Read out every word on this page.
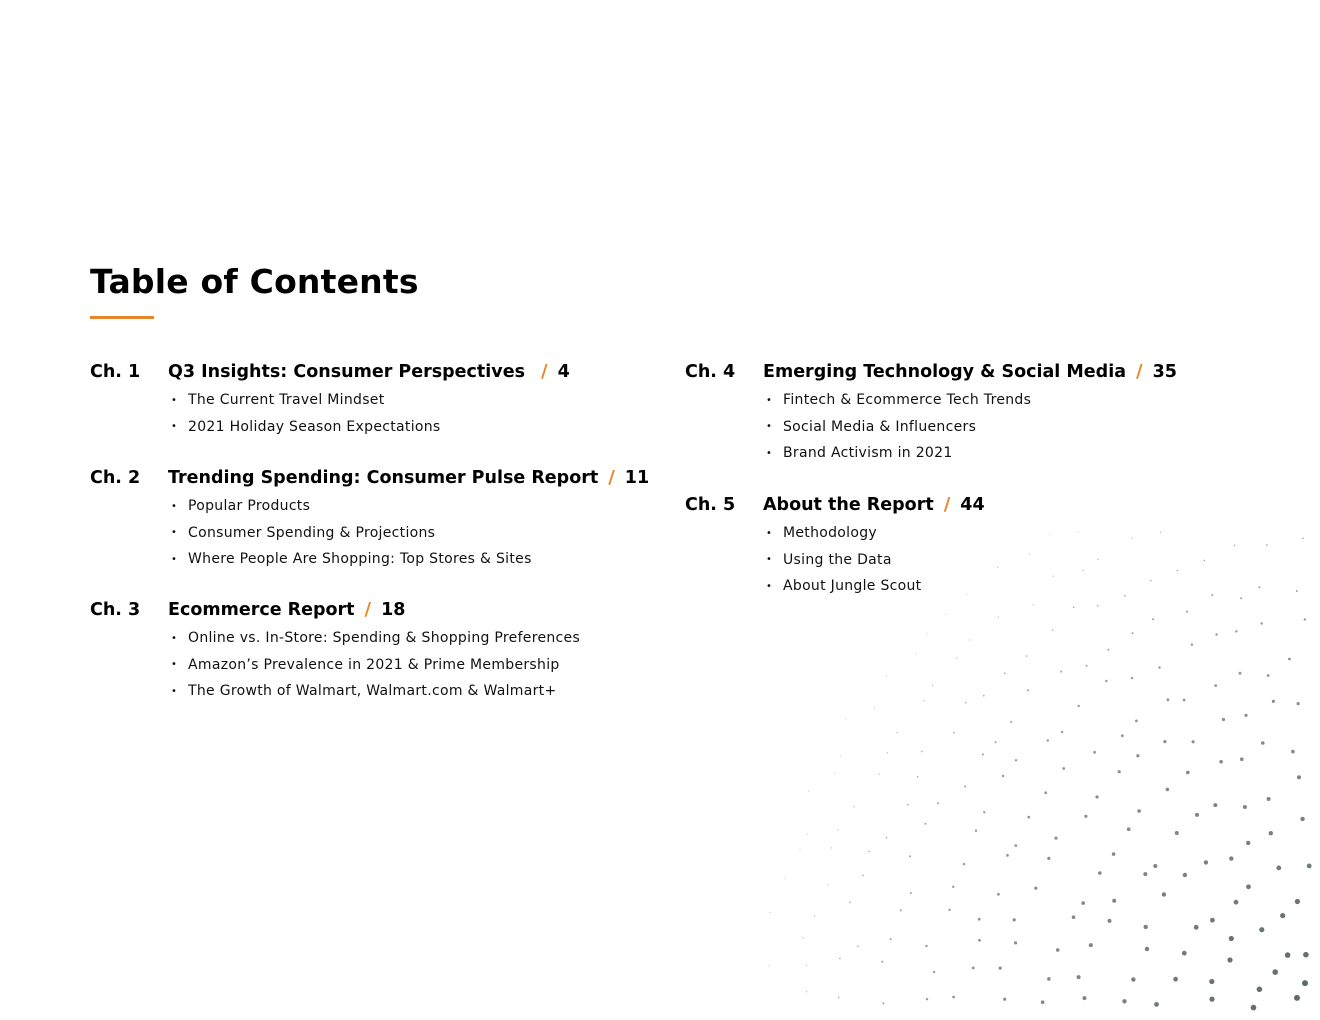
Table of Contents
Ch. 1	Q3 Insights: Consumer Perspectives / 4
• The Current Travel Mindset
• 2021 Holiday Season Expectations
Ch. 2	Trending Spending: Consumer Pulse Report / 11
• Popular Products
• Consumer Spending & Projections
• Where People Are Shopping: Top Stores & Sites
Ch. 3	Ecommerce Report / 18
• Online vs. In-Store: Spending & Shopping Preferences
• Amazon’s Prevalence in 2021 & Prime Membership
• The Growth of Walmart, Walmart.com & Walmart+
Ch. 4	Emerging Technology & Social Media / 35
• Fintech & Ecommerce Tech Trends
• Social Media & Influencers
• Brand Activism in 2021
Ch. 5	About the Report / 44
• Methodology
• Using the Data
• About Jungle Scout
